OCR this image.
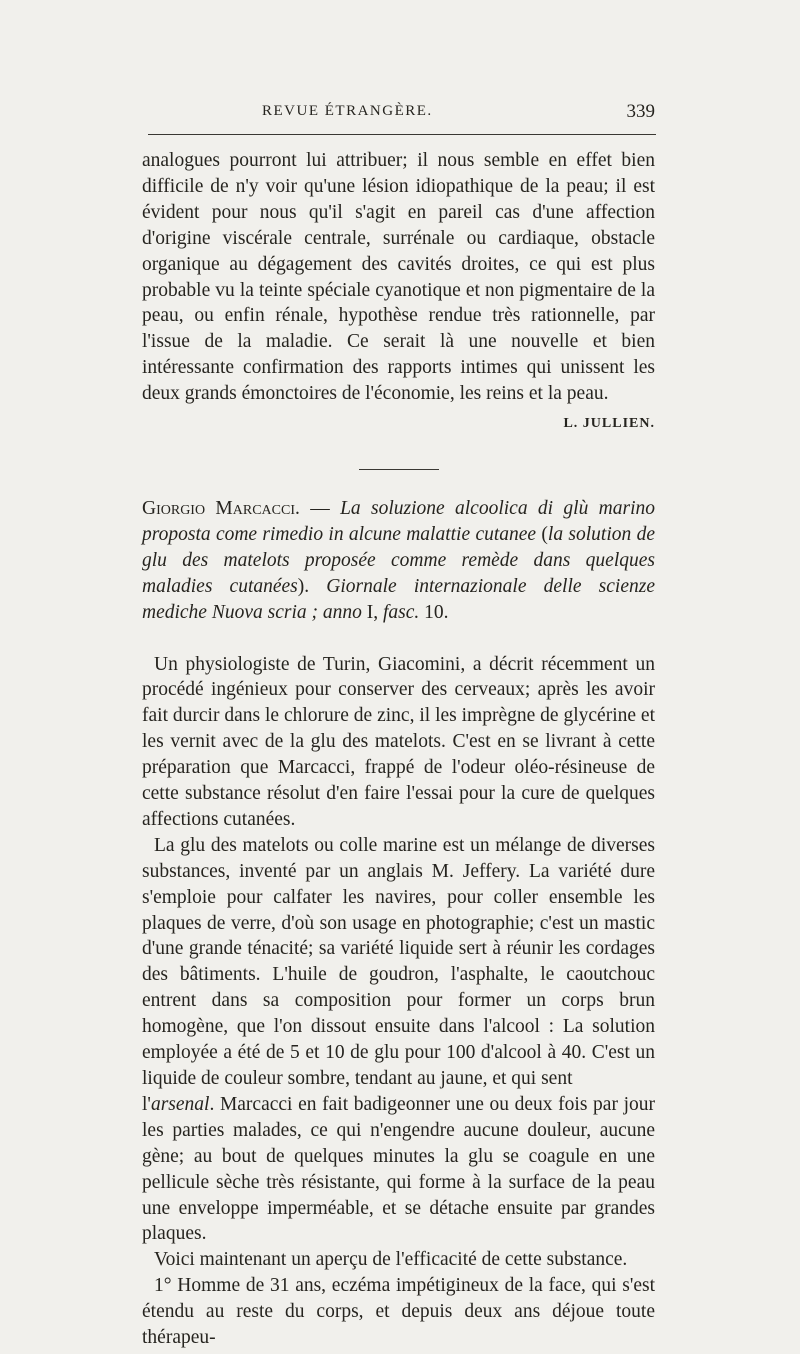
REVUE ÉTRANGÈRE.	339

analogues pourront lui attribuer; il nous semble en effet bien difficile de n'y voir qu'une lésion idiopathique de la peau; il est évident pour nous qu'il s'agit en pareil cas d'une affection d'origine viscérale centrale, surrénale ou cardiaque, obstacle organique au dégagement des cavités droites, ce qui est plus probable vu la teinte spéciale cyanotique et non pigmentaire de la peau, ou enfin rénale, hypothèse rendue très rationnelle, par l'issue de la maladie. Ce serait là une nouvelle et bien intéressante confirmation des rapports intimes qui unissent les deux grands émonctoires de l'économie, les reins et la peau.

L. JULLIEN.

Giorgio Marcacci. — La soluzione alcoolica di glù marino proposta come rimedio in alcune malattie cutanee (la solution de glu des matelots proposée comme remède dans quelques maladies cutanées). Giornale internazionale delle scienze mediche Nuova scria ; anno I, fasc. 10.

Un physiologiste de Turin, Giacomini, a décrit récemment un procédé ingénieux pour conserver des cerveaux; après les avoir fait durcir dans le chlorure de zinc, il les imprègne de glycérine et les vernit avec de la glu des matelots. C'est en se livrant à cette préparation que Marcacci, frappé de l'odeur oléo-résineuse de cette substance résolut d'en faire l'essai pour la cure de quelques affections cutanées.

La glu des matelots ou colle marine est un mélange de diverses substances, inventé par un anglais M. Jeffery. La variété dure s'emploie pour calfater les navires, pour coller ensemble les plaques de verre, d'où son usage en photographie; c'est un mastic d'une grande ténacité; sa variété liquide sert à réunir les cordages des bâtiments. L'huile de goudron, l'asphalte, le caoutchouc entrent dans sa composition pour former un corps brun homogène, que l'on dissout ensuite dans l'alcool : La solution employée a été de 5 et 10 de glu pour 100 d'alcool à 40. C'est un liquide de couleur sombre, tendant au jaune, et qui sent

l'arsenal. Marcacci en fait badigeonner une ou deux fois par jour les parties malades, ce qui n'engendre aucune douleur, aucune gène; au bout de quelques minutes la glu se coagule en une pellicule sèche très résistante, qui forme à la surface de la peau une enveloppe imperméable, et se détache ensuite par grandes plaques.

Voici maintenant un aperçu de l'efficacité de cette substance.

1° Homme de 31 ans, eczéma impétigineux de la face, qui s'est étendu au reste du corps, et depuis deux ans déjoue toute thérapeu-
